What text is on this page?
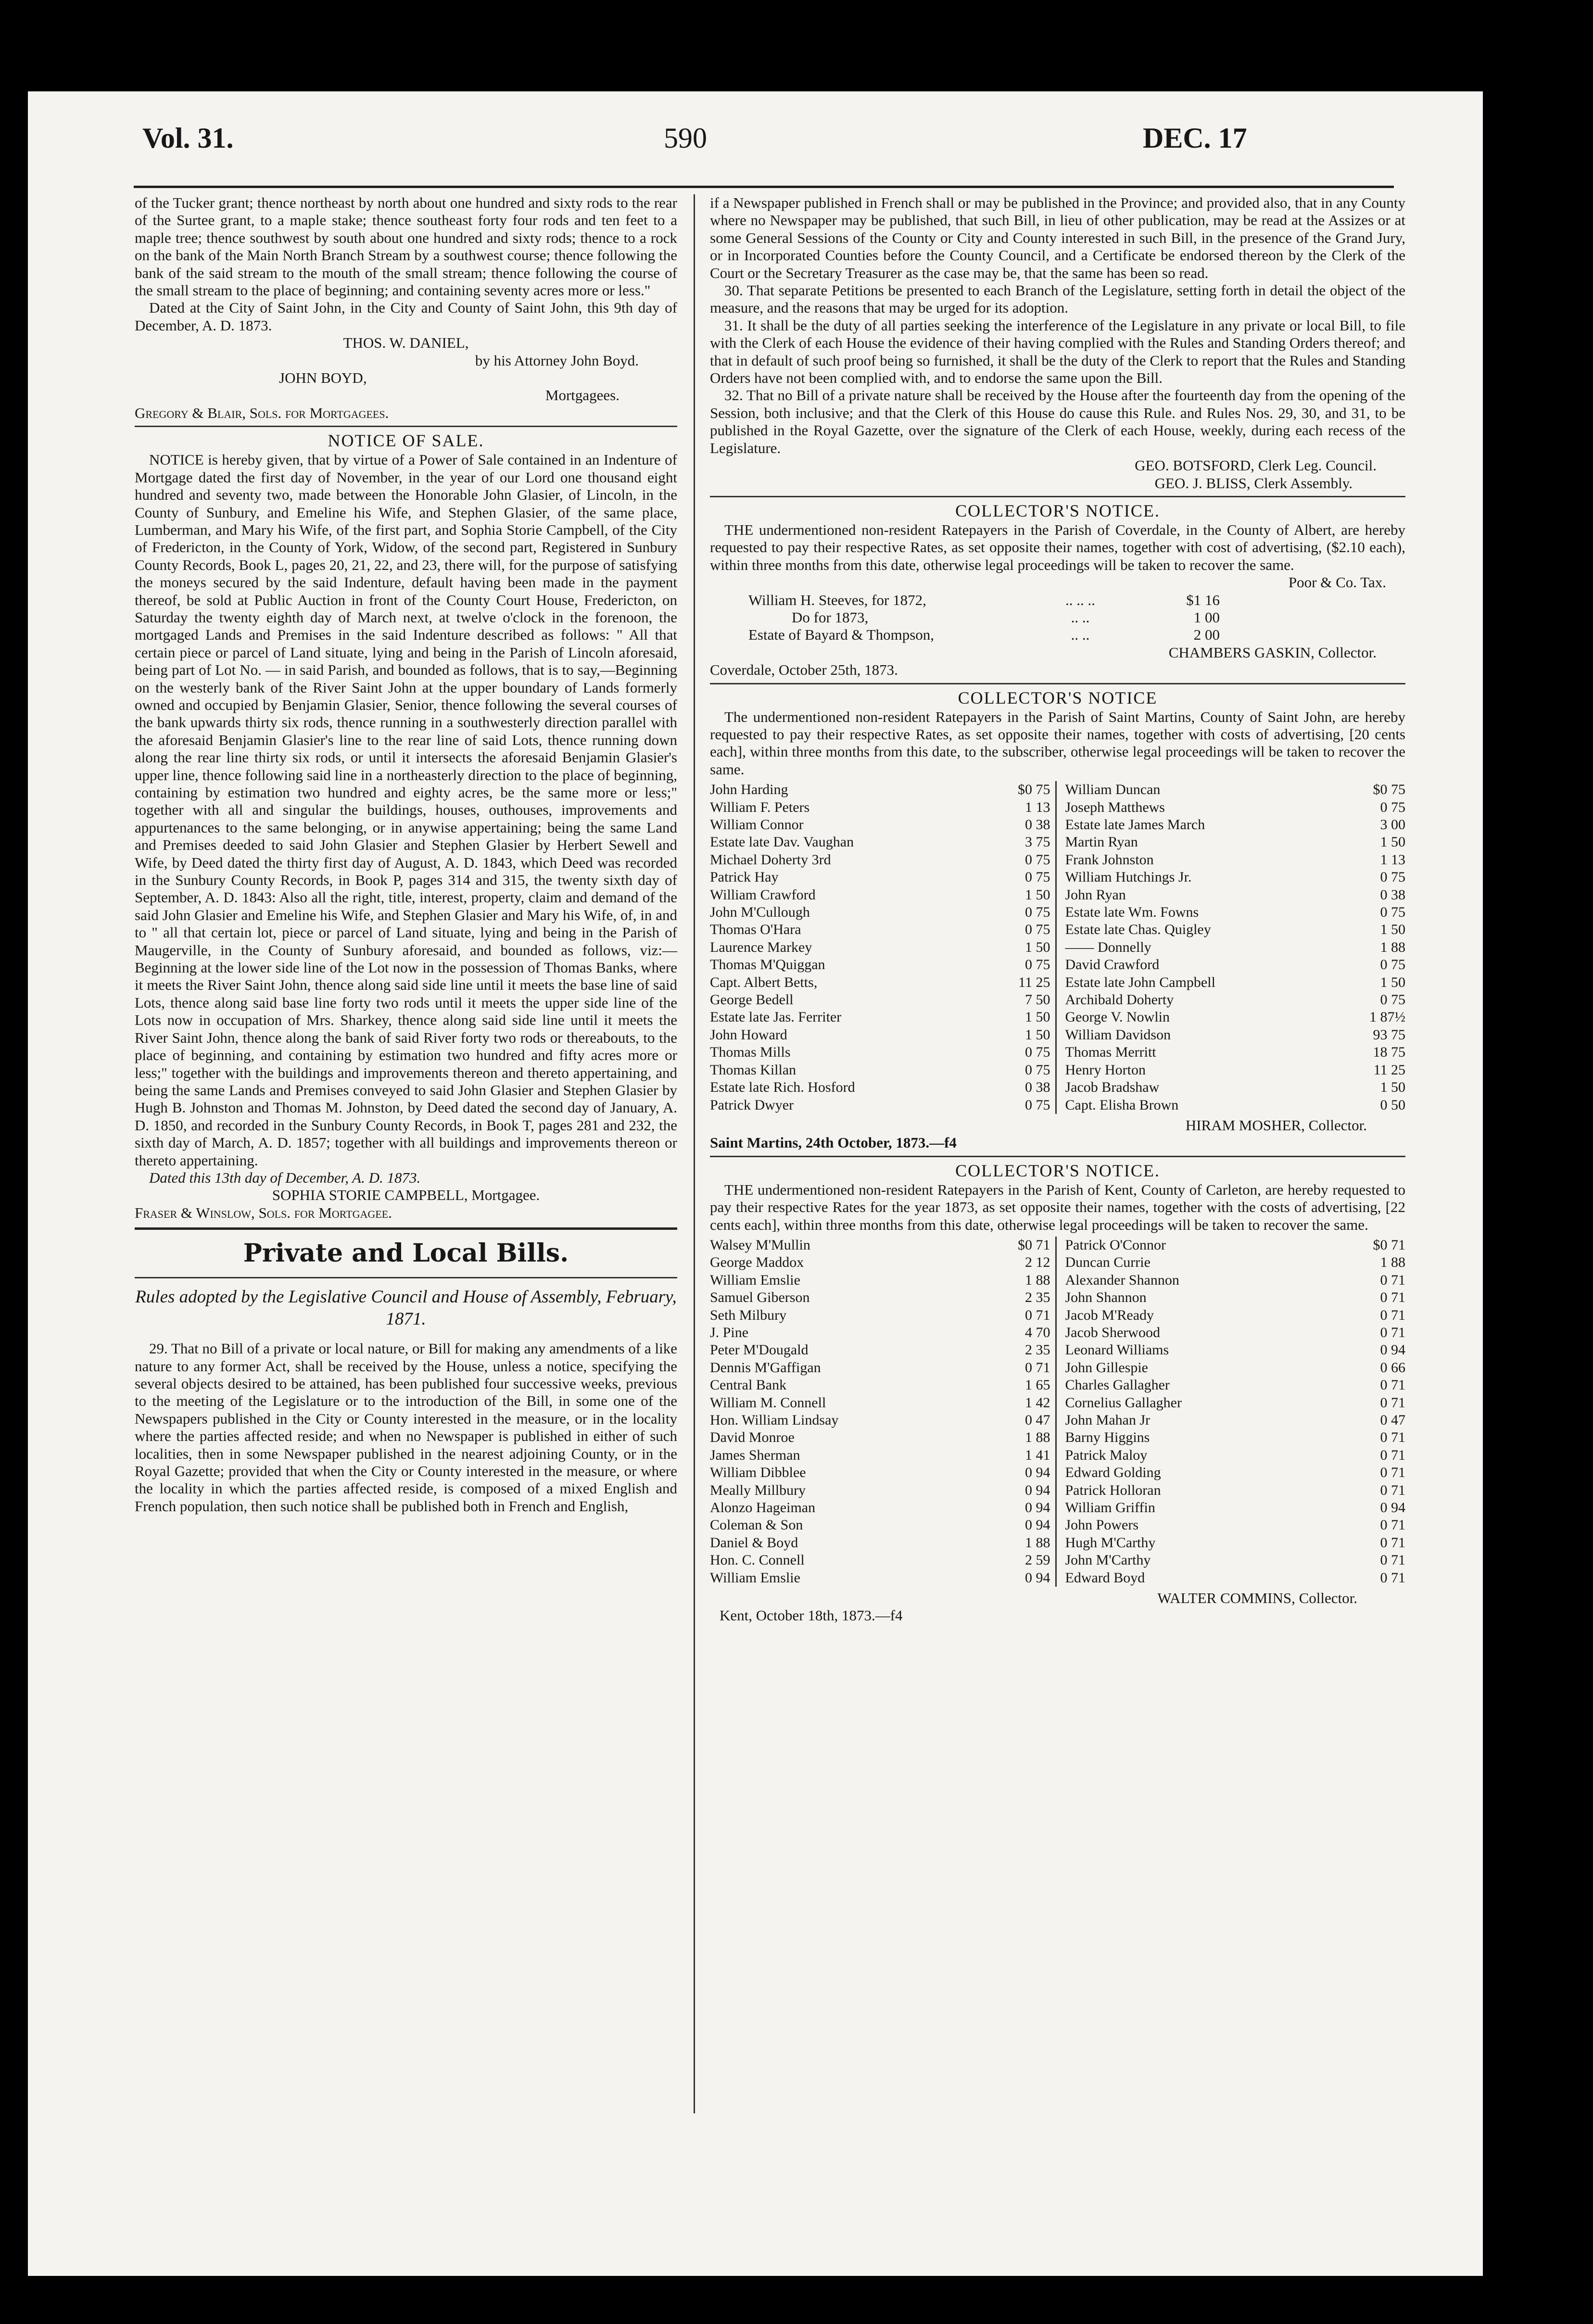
Vol. 31.	590	DEC. 17

of the Tucker grant; thence northeast by north about one hundred and sixty rods to the rear of the Surtee grant, to a maple stake; thence southeast forty four rods and ten feet to a maple tree; thence southwest by south about one hundred and sixty rods; thence to a rock on the bank of the Main North Branch Stream by a southwest course; thence following the bank of the said stream to the mouth of the small stream; thence following the course of the small stream to the place of beginning; and containing seventy acres more or less."

Dated at the City of Saint John, in the City and County of Saint John, this 9th day of December, A. D. 1873.

THOS. W. DANIEL,

by his Attorney John Boyd.

JOHN BOYD,

Mortgagees.

Gregory & Blair, Sols. for Mortgagees.

NOTICE OF SALE.

NOTICE is hereby given, that by virtue of a Power of Sale contained in an Indenture of Mortgage dated the first day of November, in the year of our Lord one thousand eight hundred and seventy two, made between the Honorable John Glasier, of Lincoln, in the County of Sunbury, and Emeline his Wife, and Stephen Glasier, of the same place, Lumberman, and Mary his Wife, of the first part, and Sophia Storie Campbell, of the City of Fredericton, in the County of York, Widow, of the second part, Registered in Sunbury County Records, Book L, pages 20, 21, 22, and 23, there will, for the purpose of satisfying the moneys secured by the said Indenture, default having been made in the payment thereof, be sold at Public Auction in front of the County Court House, Fredericton, on Saturday the twenty eighth day of March next, at twelve o'clock in the forenoon, the mortgaged Lands and Premises in the said Indenture described as follows: " All that certain piece or parcel of Land situate, lying and being in the Parish of Lincoln aforesaid, being part of Lot No. — in said Parish, and bounded as follows, that is to say,—Beginning on the westerly bank of the River Saint John at the upper boundary of Lands formerly owned and occupied by Benjamin Glasier, Senior, thence following the several courses of the bank upwards thirty six rods, thence running in a southwesterly direction parallel with the aforesaid Benjamin Glasier's line to the rear line of said Lots, thence running down along the rear line thirty six rods, or until it intersects the aforesaid Benjamin Glasier's upper line, thence following said line in a northeasterly direction to the place of beginning, containing by estimation two hundred and eighty acres, be the same more or less;" together with all and singular the buildings, houses, outhouses, improvements and appurtenances to the same belonging, or in anywise appertaining; being the same Land and Premises deeded to said John Glasier and Stephen Glasier by Herbert Sewell and Wife, by Deed dated the thirty first day of August, A. D. 1843, which Deed was recorded in the Sunbury County Records, in Book P, pages 314 and 315, the twenty sixth day of September, A. D. 1843: Also all the right, title, interest, property, claim and demand of the said John Glasier and Emeline his Wife, and Stephen Glasier and Mary his Wife, of, in and to " all that certain lot, piece or parcel of Land situate, lying and being in the Parish of Maugerville, in the County of Sunbury aforesaid, and bounded as follows, viz:—Beginning at the lower side line of the Lot now in the possession of Thomas Banks, where it meets the River Saint John, thence along said side line until it meets the base line of said Lots, thence along said base line forty two rods until it meets the upper side line of the Lots now in occupation of Mrs. Sharkey, thence along said side line until it meets the River Saint John, thence along the bank of said River forty two rods or thereabouts, to the place of beginning, and containing by estimation two hundred and fifty acres more or less;" together with the buildings and improvements thereon and thereto appertaining, and being the same Lands and Premises conveyed to said John Glasier and Stephen Glasier by Hugh B. Johnston and Thomas M. Johnston, by Deed dated the second day of January, A. D. 1850, and recorded in the Sunbury County Records, in Book T, pages 281 and 232, the sixth day of March, A. D. 1857; together with all buildings and improvements thereon or thereto appertaining.

Dated this 13th day of December, A. D. 1873.

SOPHIA STORIE CAMPBELL, Mortgagee.

Fraser & Winslow, Sols. for Mortgagee.

Private and Local Bills.
Rules adopted by the Legislative Council and House of Assembly, February, 1871.

29. That no Bill of a private or local nature, or Bill for making any amendments of a like nature to any former Act, shall be received by the House, unless a notice, specifying the several objects desired to be attained, has been published four successive weeks, previous to the meeting of the Legislature or to the introduction of the Bill, in some one of the Newspapers published in the City or County interested in the measure, or in the locality where the parties affected reside; and when no Newspaper is published in either of such localities, then in some Newspaper published in the nearest adjoining County, or in the Royal Gazette; provided that when the City or County interested in the measure, or where the locality in which the parties affected reside, is composed of a mixed English and French population, then such notice shall be published both in French and English,

if a Newspaper published in French shall or may be published in the Province; and provided also, that in any County where no Newspaper may be published, that such Bill, in lieu of other publication, may be read at the Assizes or at some General Sessions of the County or City and County interested in such Bill, in the presence of the Grand Jury, or in Incorporated Counties before the County Council, and a Certificate be endorsed thereon by the Clerk of the Court or the Secretary Treasurer as the case may be, that the same has been so read.

30. That separate Petitions be presented to each Branch of the Legislature, setting forth in detail the object of the measure, and the reasons that may be urged for its adoption.

31. It shall be the duty of all parties seeking the interference of the Legislature in any private or local Bill, to file with the Clerk of each House the evidence of their having complied with the Rules and Standing Orders thereof; and that in default of such proof being so furnished, it shall be the duty of the Clerk to report that the Rules and Standing Orders have not been complied with, and to endorse the same upon the Bill.

32. That no Bill of a private nature shall be received by the House after the fourteenth day from the opening of the Session, both inclusive; and that the Clerk of this House do cause this Rule. and Rules Nos. 29, 30, and 31, to be published in the Royal Gazette, over the signature of the Clerk of each House, weekly, during each recess of the Legislature.

GEO. BOTSFORD, Clerk Leg. Council.

GEO. J. BLISS, Clerk Assembly.

COLLECTOR'S NOTICE.

THE undermentioned non-resident Ratepayers in the Parish of Coverdale, in the County of Albert, are hereby requested to pay their respective Rates, as set opposite their names, together with cost of advertising, ($2.10 each), within three months from this date, otherwise legal proceedings will be taken to recover the same.

Poor & Co. Tax.

William H. Steeves, for 1872,	.. .. ..	$1 16
Do for 1873,	.. ..	1 00
Estate of Bayard & Thompson,	.. ..	2 00

CHAMBERS GASKIN, Collector.

Coverdale, October 25th, 1873.

COLLECTOR'S NOTICE

The undermentioned non-resident Ratepayers in the Parish of Saint Martins, County of Saint John, are hereby requested to pay their respective Rates, as set opposite their names, together with costs of advertising, [20 cents each], within three months from this date, to the subscriber, otherwise legal proceedings will be taken to recover the same.

John Harding	$0 75
William F. Peters	1 13
William Connor	0 38
Estate late Dav. Vaughan	3 75
Michael Doherty 3rd	0 75
Patrick Hay	0 75
William Crawford	1 50
John M'Cullough	0 75
Thomas O'Hara	0 75
Laurence Markey	1 50
Thomas M'Quiggan	0 75
Capt. Albert Betts,	11 25
George Bedell	7 50
Estate late Jas. Ferriter	1 50
John Howard	1 50
Thomas Mills	0 75
Thomas Killan	0 75
Estate late Rich. Hosford	0 38
Patrick Dwyer	0 75
William Duncan	$0 75
Joseph Matthews	0 75
Estate late James March	3 00
Martin Ryan	1 50
Frank Johnston	1 13
William Hutchings Jr.	0 75
John Ryan	0 38
Estate late Wm. Fowns	0 75
Estate late Chas. Quigley	1 50
—— Donnelly	1 88
David Crawford	0 75
Estate late John Campbell	1 50
Archibald Doherty	0 75
George V. Nowlin	1 87½
William Davidson	93 75
Thomas Merritt	18 75
Henry Horton	11 25
Jacob Bradshaw	1 50
Capt. Elisha Brown	0 50

HIRAM MOSHER, Collector.

Saint Martins, 24th October, 1873.—f4

COLLECTOR'S NOTICE.

THE undermentioned non-resident Ratepayers in the Parish of Kent, County of Carleton, are hereby requested to pay their respective Rates for the year 1873, as set opposite their names, together with the costs of advertising, [22 cents each], within three months from this date, otherwise legal proceedings will be taken to recover the same.

Walsey M'Mullin	$0 71
George Maddox	2 12
William Emslie	1 88
Samuel Giberson	2 35
Seth Milbury	0 71
J. Pine	4 70
Peter M'Dougald	2 35
Dennis M'Gaffigan	0 71
Central Bank	1 65
William M. Connell	1 42
Hon. William Lindsay	0 47
David Monroe	1 88
James Sherman	1 41
William Dibblee	0 94
Meally Millbury	0 94
Alonzo Hageiman	0 94
Coleman & Son	0 94
Daniel & Boyd	1 88
Hon. C. Connell	2 59
William Emslie	0 94
Patrick O'Connor	$0 71
Duncan Currie	1 88
Alexander Shannon	0 71
John Shannon	0 71
Jacob M'Ready	0 71
Jacob Sherwood	0 71
Leonard Williams	0 94
John Gillespie	0 66
Charles Gallagher	0 71
Cornelius Gallagher	0 71
John Mahan Jr	0 47
Barny Higgins	0 71
Patrick Maloy	0 71
Edward Golding	0 71
Patrick Holloran	0 71
William Griffin	0 94
John Powers	0 71
Hugh M'Carthy	0 71
John M'Carthy	0 71
Edward Boyd	0 71

WALTER COMMINS, Collector.

Kent, October 18th, 1873.—f4
